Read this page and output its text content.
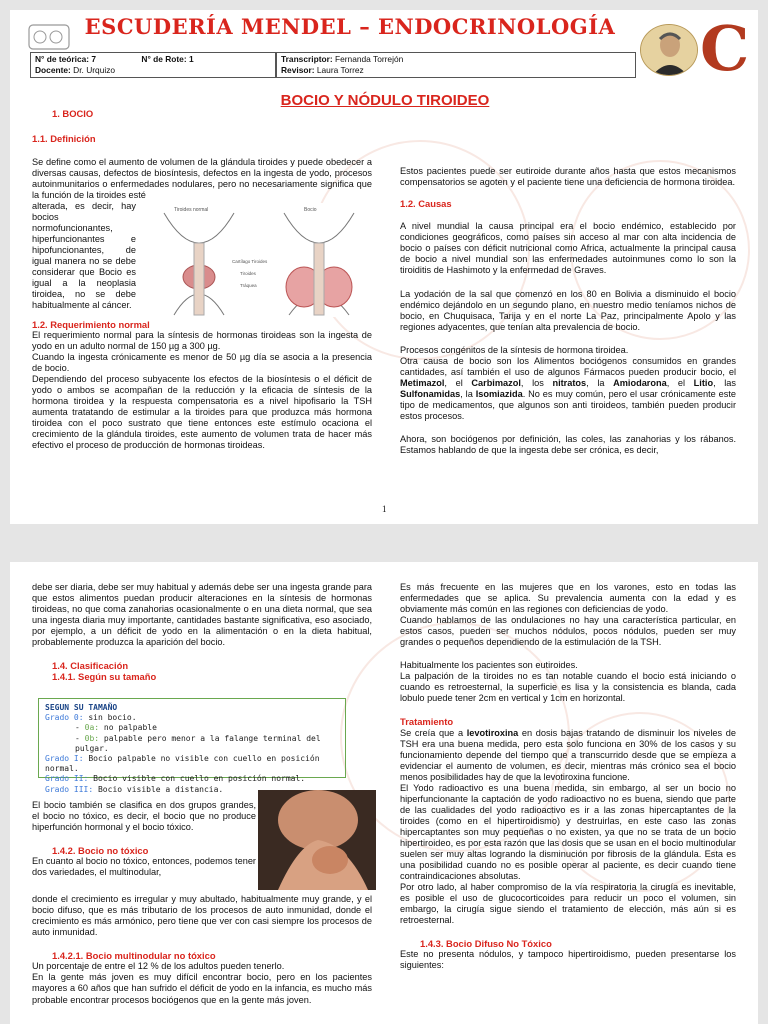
ESCUDERÍA MENDEL – ENDOCRINOLOGÍA
N° de teórica: 7	N° de Rote: 1
Docente: Dr. Urquizo
Transcriptor: Fernanda Torrejón
Revisor: Laura Torrez	C
BOCIO Y NÓDULO TIROIDEO
1. BOCIO
1.1. Definición

Se define como el aumento de volumen de la glándula tiroides y puede obedecer a diversas causas, defectos de biosíntesis, defectos en la ingesta de yodo, procesos autoinmunitarios o enfermedades nodulares, pero no necesariamente significa que la función de la tiroides esté

alterada, es decir, hay bocios normofuncionantes, hiperfuncionantes e hipofuncionantes, de igual manera no se debe considerar que Bocio es igual a la neoplasia tiroidea, no se debe habitualmente al cáncer.

Tiroides normal	Bocio
Cartílago Tiroides
Tiroides
Tráquea
1.2. Requerimiento normal

El requerimiento normal para la síntesis de hormonas tiroideas son la ingesta de yodo en un adulto normal de 150 µg a 300 µg.

Cuando la ingesta crónicamente es menor de 50 µg día se asocia a la presencia de bocio.

Dependiendo del proceso subyacente los efectos de la biosíntesis o el déficit de yodo o ambos se acompañan de la reducción y la eficacia de síntesis de la hormona tiroidea y la respuesta compensatoria es a nivel hipofisario la TSH aumenta tratatando de estimular a la tiroides para que produzca más hormona tiroidea con el poco sustrato que tiene entonces este estímulo ocaciona el crecimiento de la glándula tiroides, este aumento de volumen trata de hacer más efectivo el proceso de producción de hormonas tiroideas.

Estos pacientes puede ser eutiroide durante años hasta que estos mecanismos compensatorios se agoten y el paciente tiene una deficiencia de hormona tiroidea.

1.2. Causas

A nivel mundial la causa principal era el bocio endémico, establecido por condiciones geográficos, como países sin acceso al mar con alta incidencia de bocio o países con déficit nutricional como Africa, actualmente la principal causa de bocio a nivel mundial son las enfermedades autoinmunes como lo son la tiroiditis de Hashimoto y la enfermedad de Graves.

La yodación de la sal que comenzó en los 80 en Bolivia a disminuido el bocio endémico dejándolo en un segundo plano, en nuestro medio teníamos nichos de bocio, en Chuquisaca, Tarija y en el norte La Paz, principalmente Apolo y las regiones adyacentes, que tenían alta prevalencia de bocio.

Procesos congénitos de la síntesis de hormona tiroidea.

Otra causa de bocio son los Alimentos bociógenos consumidos en grandes cantidades, así también el uso de algunos Fármacos pueden producir bocio, el Metimazol, el Carbimazol, los nitratos, la Amiodarona, el Litio, las Sulfonamidas, la Isomiazida. No es muy común, pero el usar crónicamente este tipo de medicamentos, que algunos son anti tiroideos, también pueden producir estos procesos.

Ahora, son bociógenos por definición, las coles, las zanahorias y los rábanos. Estamos hablando de que la ingesta debe ser crónica, es decir,

1

debe ser diaria, debe ser muy habitual y además debe ser una ingesta grande para que estos alimentos puedan producir alteraciones en la síntesis de hormonas tiroideas, no que coma zanahorias ocasionalmente o en una dieta normal, que sea una ingesta diaria muy importante, cantidades bastante significativa, eso asociado, por ejemplo, a un déficit de yodo en la alimentación o en la dieta habitual, probablemente produzca la aparición del bocio.

1.4. Clasificación
1.4.1. Según su tamaño
SEGUN SU TAMAÑO
Grado 0: sin bocio.
- 0a: no palpable
- 0b: palpable pero menor a la falange terminal del pulgar.
Grado I: Bocio palpable no visible con cuello en posición normal.
Grado II: Bocio visible con cuello en posición normal.
Grado III: Bocio visible a distancia.

El bocio también se clasifica en dos grupos grandes, el bocio no tóxico, es decir, el bocio que no produce hiperfunción hormonal y el bocio tóxico.

1.4.2. Bocio no tóxico

En cuanto al bocio no tóxico, entonces, podemos tener dos variedades, el multinodular,

donde el crecimiento es irregular y muy abultado, habitualmente muy grande, y el bocio difuso, que es más tributario de los procesos de auto inmunidad, donde el crecimiento es más armónico, pero tiene que ver con casi siempre los procesos de auto inmunidad.

1.4.2.1. Bocio multinodular no tóxico

Un porcentaje de entre el 12 % de los adultos pueden tenerlo.

En la gente más joven es muy difícil encontrar bocio, pero en los pacientes mayores a 60 años que han sufrido el déficit de yodo en la infancia, es mucho más probable encontrar procesos bociógenos que en la gente más joven.

Es más frecuente en las mujeres que en los varones, esto en todas las enfermedades que se aplica. Su prevalencia aumenta con la edad y es obviamente más común en las regiones con deficiencias de yodo.

Cuando hablamos de las ondulaciones no hay una característica particular, en estos casos, pueden ser muchos nódulos, pocos nódulos, pueden ser muy grandes o pequeños dependiendo de la estimulación de la TSH.

Habitualmente los pacientes son eutiroides.

La palpación de la tiroides no es tan notable cuando el bocio está iniciando o cuando es retroesternal, la superficie es lisa y la consistencia es blanda, cada lobulo puede tener 2cm en vertical y 1cm en horizontal.

Tratamiento

Se creía que a levotiroxina en dosis bajas tratando de disminuir los niveles de TSH era una buena medida, pero esta solo funciona en 30% de los casos y su funcionamiento depende del tiempo que a transcurrido desde que se empieza a evidenciar el aumento de volumen, es decir, mientras más crónico sea el bocio menos posibilidades hay de que la levotiroxina funcione.

El Yodo radioactivo es una buena medida, sin embargo, al ser un bocio no hiperfuncionante la captación de yodo radioactivo no es buena, siendo que parte de las cualidades del yodo radioactivo es ir a las zonas hipercaptantes de la tiroides (como en el hipertiroidismo) y destruirlas, en este caso las zonas hipercaptantes son muy pequeñas o no existen, ya que no se trata de un bocio hipertiroideo, es por esta razón que las dosis que se usan en el bocio multinodular suelen ser muy altas logrando la disminución por fibrosis de la glándula. Esta es una posibilidad cuando no es posible operar al paciente, es decir cuando tiene contraindicaciones absolutas.

Por otro lado, al haber compromiso de la vía respiratoria la cirugía es inevitable, es posible el uso de glucocorticoides para reducir un poco el volumen, sin embargo, la cirugía sigue siendo el tratamiento de elección, más aún si es retroesternal.

1.4.3. Bocio Difuso No Tóxico

Este no presenta nódulos, y tampoco hipertiroidismo, pueden presentarse los siguientes:
